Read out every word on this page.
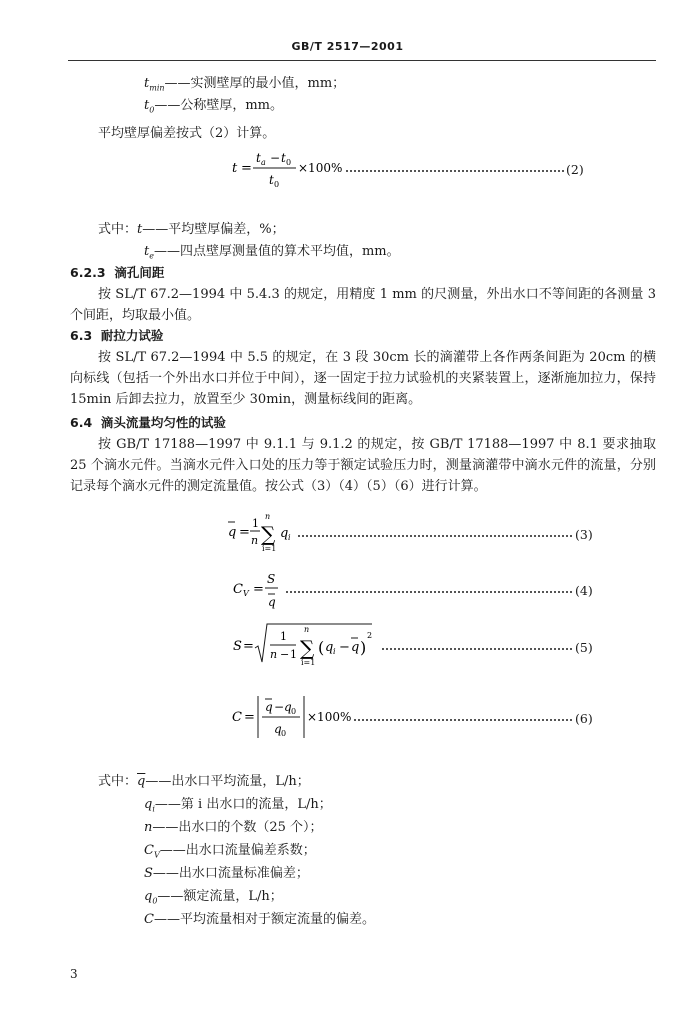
GB/T 2517—2001
$t_{min}——$实测壁厚的最小值，mm；
$t_0——$公称壁厚，mm。
平均壁厚偏差按式（2）计算。
t =
t a − t 0
t 0
×100%	(2)
式中：t——平均壁厚偏差，%；
$t_e——$四点壁厚测量值的算术平均值，mm。
6.2.3 滴孔间距
按 SL/T 67.2—1994 中 5.4.3 的规定，用精度 1 mm 的尺测量，外出水口不等间距的各测量 3 个间距，均取最小值。
6.3 耐拉力试验
按 SL/T 67.2—1994 中 5.5 的规定，在 3 段 30cm 长的滴灌带上各作两条间距为 20cm 的横向标线（包括一个外出水口并位于中间），逐一固定于拉力试验机的夹紧装置上，逐渐施加拉力，保持 15min 后卸去拉力，放置至少 30min，测量标线间的距离。
6.4 滴头流量均匀性的试验
按 GB/T 17188—1997 中 9.1.1 与 9.1.2 的规定，按 GB/T 17188—1997 中 8.1 要求抽取 25 个滴水元件。当滴水元件入口处的压力等于额定试验压力时，测量滴灌带中滴水元件的流量，分别记录每个滴水元件的测定流量值。按公式（3）（4）（5）（6）进行计算。
q =
1
n
n
∑
i=1
q i	(3)
C V =
S
q
(4)
S =
1
n − 1
n
∑
i=1
( q i − q )
2
(5)
C =
q − q 0
q 0
×100%	(6)
式中：$\overline{q}——$出水口平均流量，L/h；
$q_i——$第 i 出水口的流量，L/h；
n——出水口的个数（25 个）；
$C_V——$出水口流量偏差系数；
S——出水口流量标准偏差；
$q_0——$额定流量，L/h；
C——平均流量相对于额定流量的偏差。
3
